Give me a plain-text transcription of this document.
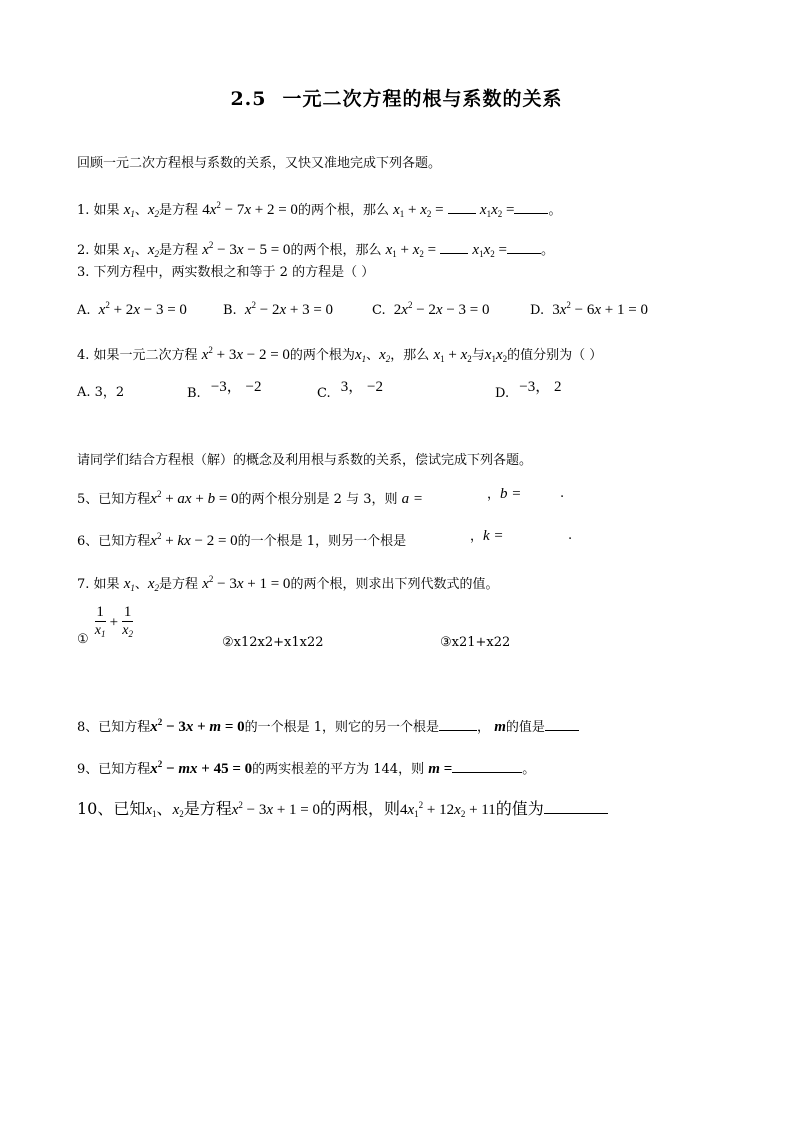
2.5 一元二次方程的根与系数的关系
回顾一元二次方程根与系数的关系，又快又准地完成下列各题。
1. 如果 $x_1$、$x_2$是方程 $4x^2 - 7x + 2 = 0$的两个根，那么 $x_1 + x_2 = x_1x_2$ =	。
2. 如果 $x_1$、$x_2$是方程 $x^2 - 3x - 5 = 0$的两个根，那么 $x_1 + x_2 = x_1x_2$ =	。
3. 下列方程中，两实数根之和等于 2 的方程是（ ）
A. $x^2 + 2x - 3 = 0$	B. $x^2 - 2x + 3 = 0$	C. $2x^2 - 2x - 3 = 0$	D. $3x^2 - 6x + 1 = 0$
4. 如果一元二次方程 $x^2 + 3x - 2 = 0$的两个根为$x_1$、$x_2$，那么 $x_1 + x_2$与$x_1x_2$的值分别为（ ）
A. 3，2	B. −3， −2	C. 3， −2	D. −3， 2
请同学们结合方程根（解）的概念及利用根与系数的关系，偿试完成下列各题。
5、已知方程$x^2$ + ax + b = 0的两个根分别是 2 与 3，则 a =	，b =	.
6、已知方程$x^2$ + kx − 2 = 0的一个根是 1，则另一个根是	，k =	.
7. 如果 $x_1$、$x_2$是方程 $x^2 - 3x + 1 = 0$的两个根，则求出下列代数式的值。
① $\frac{1}{x_1} + \frac{1}{x_2}$	②x12x2+x1x22	③x21+x22
8、已知方程$x^2 - 3x + m = 0$的一个根是 1，则它的另一个根是	， m的值是
9、已知方程$x^2$ − mx + 45 = 0的两实根差的平方为 144，则 m =	。
10、已知$x_1$、$x_2$是方程$x^2 - 3x + 1 = 0$的两根，则$4x_1^2 + 12x_2 + 11$的值为
